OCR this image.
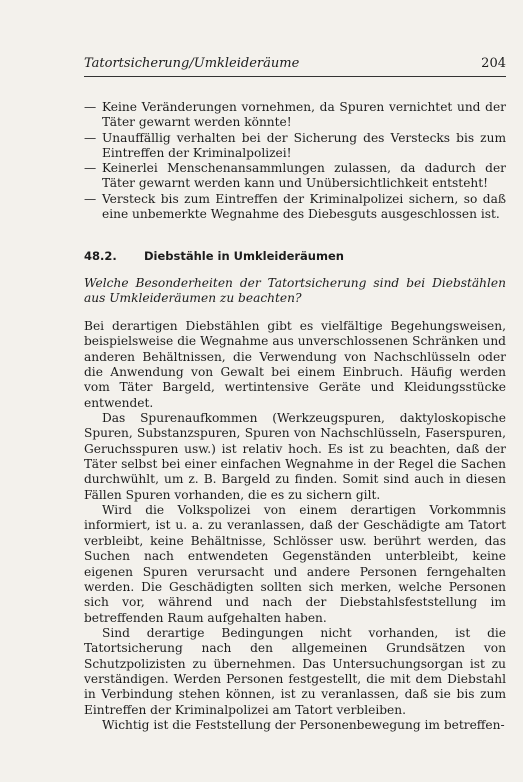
Tatortsicherung/Umkleideräume	204
— Keine Veränderungen vornehmen, da Spuren vernichtet und der Täter gewarnt werden könnte!
— Unauffällig verhalten bei der Sicherung des Verstecks bis zum Eintreffen der Kriminalpolizei!
— Keinerlei Menschenansammlungen zulassen, da dadurch der Täter gewarnt werden kann und Unübersichtlichkeit entsteht!
— Versteck bis zum Eintreffen der Kriminalpolizei sichern, so daß eine unbemerkte Wegnahme des Diebesguts ausgeschlossen ist.
48.2. Diebstähle in Umkleideräumen
Welche Besonderheiten der Tatortsicherung sind bei Diebstählen aus Umkleideräumen zu beachten?

Bei derartigen Diebstählen gibt es vielfältige Begehungsweisen, beispielsweise die Wegnahme aus unverschlossenen Schränken und anderen Behältnissen, die Verwendung von Nachschlüsseln oder die Anwendung von Gewalt bei einem Einbruch. Häufig werden vom Täter Bargeld, wertintensive Geräte und Kleidungsstücke entwendet.

Das Spurenaufkommen (Werkzeugspuren, daktyloskopische Spuren, Substanzspuren, Spuren von Nachschlüsseln, Faserspuren, Geruchsspuren usw.) ist relativ hoch. Es ist zu beachten, daß der Täter selbst bei einer einfachen Wegnahme in der Regel die Sachen durchwühlt, um z. B. Bargeld zu finden. Somit sind auch in diesen Fällen Spuren vorhanden, die es zu sichern gilt.

Wird die Volkspolizei von einem derartigen Vorkommnis informiert, ist u. a. zu veranlassen, daß der Geschädigte am Tatort verbleibt, keine Behältnisse, Schlösser usw. berührt werden, das Suchen nach entwendeten Gegenständen unterbleibt, keine eigenen Spuren verursacht und andere Personen ferngehalten werden. Die Geschädigten sollten sich merken, welche Personen sich vor, während und nach der Diebstahlsfeststellung im betreffenden Raum aufgehalten haben.

Sind derartige Bedingungen nicht vorhanden, ist die Tatortsicherung nach den allgemeinen Grundsätzen von Schutzpolizisten zu übernehmen. Das Untersuchungsorgan ist zu verständigen. Werden Personen festgestellt, die mit dem Diebstahl in Verbindung stehen können, ist zu veranlassen, daß sie bis zum Eintreffen der Kriminalpolizei am Tatort verbleiben.

Wichtig ist die Feststellung der Personenbewegung im betreffen-
